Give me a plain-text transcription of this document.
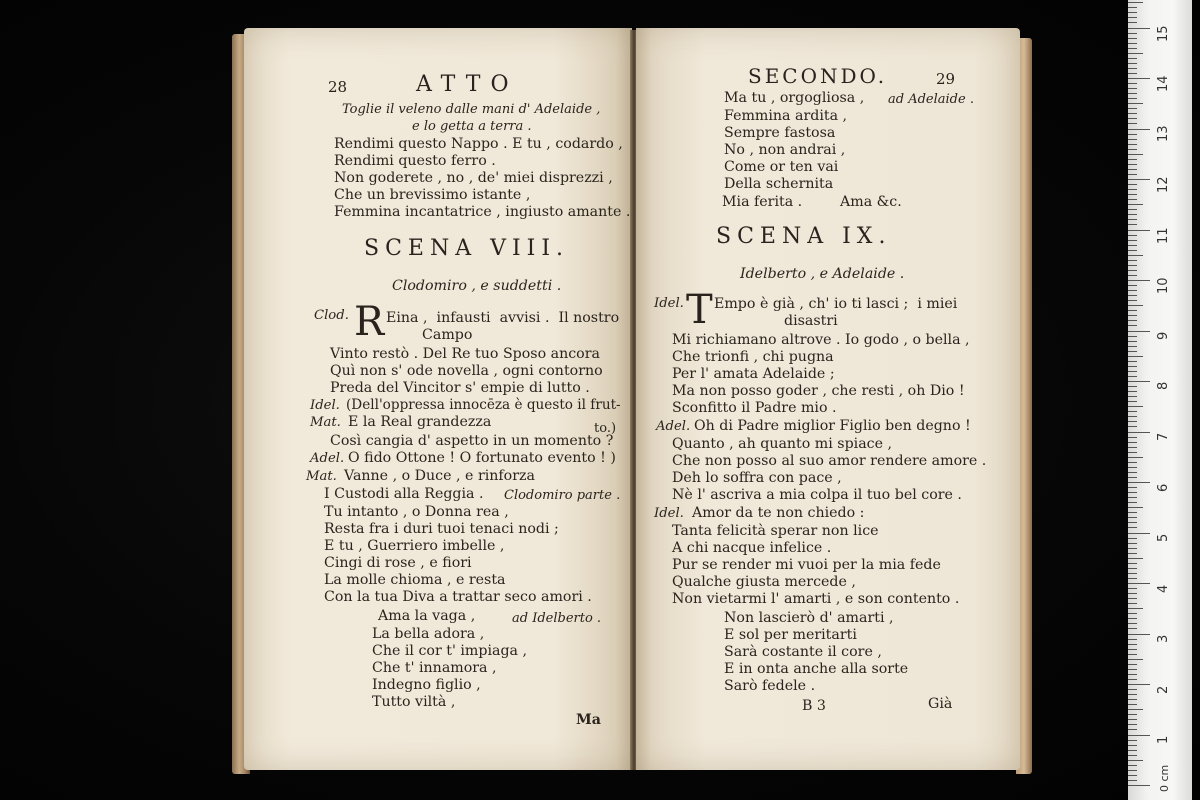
28	ATTO
Toglie il veleno dalle mani d' Adelaide ,
e lo getta a terra .
Rendimi questo Nappo . E tu , codardo ,
Rendimi questo ferro .
Non goderete , no , de' miei disprezzi ,
Che un brevissimo istante ,
Femmina incantatrice , ingiusto amante .
SCENA VIII.
Clodomiro , e suddetti .
Clod. R Eina ,  infausti  avvisi .  Il nostro
Campo
Vinto restò . Del Re tuo Sposo ancora
Quì non s' ode novella , ogni contorno
Preda del Vincitor s' empie di lutto .
Idel. (Dell'oppressa innocēza è questo il frut-
Mat. E la Real grandezza	to.)
Così cangia d' aspetto in un momento ?
Adel. O fido Ottone ! O fortunato evento ! )
Mat. Vanne , o Duce , e rinforza
I Custodi alla Reggia . Clodomiro parte .
Tu intanto , o Donna rea ,
Resta fra i duri tuoi tenaci nodi ;
E tu , Guerriero imbelle ,
Cingi di rose , e fiori
La molle chioma , e resta
Con la tua Diva a trattar seco amori .
Ama la vaga ,	ad Idelberto .
La bella adora ,
Che il cor t' impiaga ,
Che t' innamora ,
Indegno figlio ,
Tutto viltà ,
Ma
SECONDO.	29
Ma tu , orgogliosa , ad Adelaide .
Femmina ardita ,
Sempre fastosa
No , non andrai ,
Come or ten vai
Della schernita
Mia ferita .	Ama &c.
SCENA IX.
Idelberto , e Adelaide .
Idel. T Empo è già , ch' io ti lasci ;  i miei
disastri
Mi richiamano altrove . Io godo , o bella ,
Che trionfi , chi pugna
Per l' amata Adelaide ;
Ma non posso goder , che resti , oh Dio !
Sconfitto il Padre mio .
Adel. Oh di Padre miglior Figlio ben degno !
Quanto , ah quanto mi spiace ,
Che non posso al suo amor rendere amore .
Deh lo soffra con pace ,
Nè l' ascriva a mia colpa il tuo bel core .
Idel. Amor da te non chiedo :
Tanta felicità sperar non lice
A chi nacque infelice .
Pur se render mi vuoi per la mia fede
Qualche giusta mercede ,
Non vietarmi l' amarti , e son contento .
Non lascierò d' amarti ,
E sol per meritarti
Sarà costante il core ,
E in onta anche alla sorte
Sarò fedele .
B 3	Già
0 cm
1
2
3
4
5
6
7
8
9
10
11
12
13
14
15
